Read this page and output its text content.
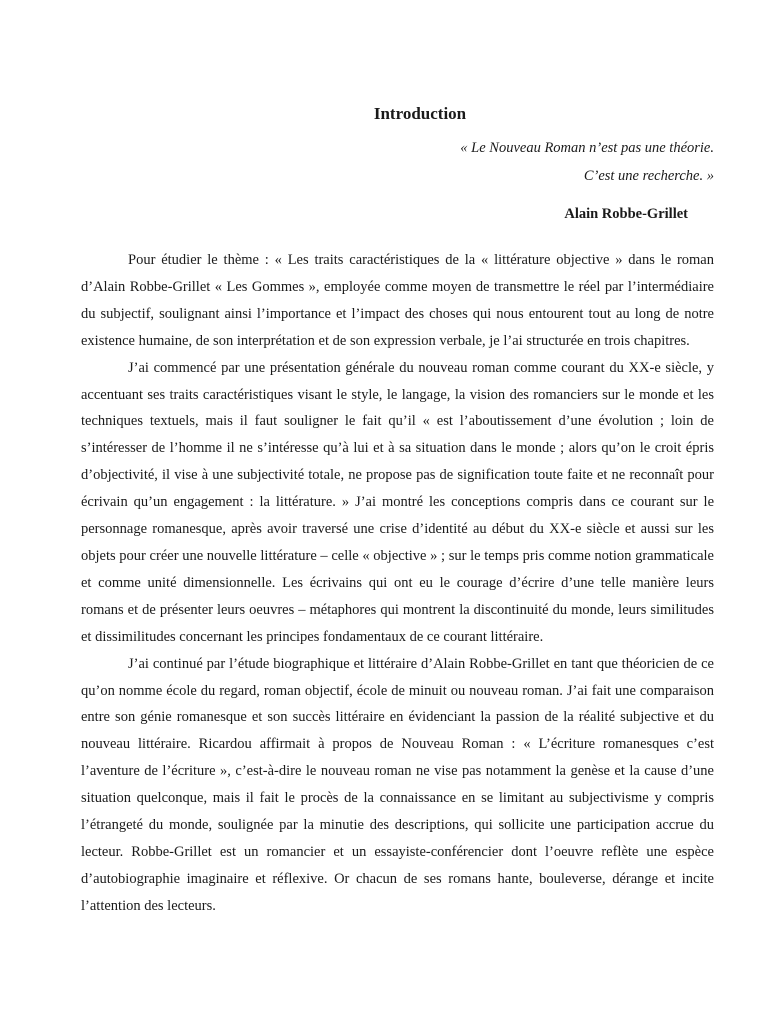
Introduction
« Le Nouveau Roman n’est pas une théorie.
C’est une recherche. »
Alain Robbe-Grillet

Pour étudier le thème : « Les traits caractéristiques de la « littérature objective » dans le roman d’Alain Robbe-Grillet « Les Gommes », employée comme moyen de transmettre le réel par l’intermédiaire du subjectif, soulignant ainsi l’importance et l’impact des choses qui nous entourent tout au long de notre existence humaine, de son interprétation et de son expression verbale, je l’ai structurée en trois chapitres.

J’ai commencé par une présentation générale du nouveau roman comme courant du XX-e siècle, y accentuant ses traits caractéristiques visant le style, le langage, la vision des romanciers sur le monde et les techniques textuels, mais il faut souligner le fait qu’il « est l’aboutissement d’une évolution ; loin de s’intéresser de l’homme il ne s’intéresse qu’à lui et à sa situation dans le monde ; alors qu’on le croit épris d’objectivité, il vise à une subjectivité totale, ne propose pas de signification toute faite et ne reconnaît pour écrivain qu’un engagement : la littérature. » J’ai montré les conceptions compris dans ce courant sur le personnage romanesque, après avoir traversé une crise d’identité au début du XX-e siècle et aussi sur les objets pour créer une nouvelle littérature – celle « objective » ; sur le temps pris comme notion grammaticale et comme unité dimensionnelle. Les écrivains qui ont eu le courage d’écrire d’une telle manière leurs romans et de présenter leurs oeuvres – métaphores qui montrent la discontinuité du monde, leurs similitudes et dissimilitudes concernant les principes fondamentaux de ce courant littéraire.

J’ai continué par l’étude biographique et littéraire d’Alain Robbe-Grillet en tant que théoricien de ce qu’on nomme école du regard, roman objectif, école de minuit ou nouveau roman. J’ai fait une comparaison entre son génie romanesque et son succès littéraire en évidenciant la passion de la réalité subjective et du nouveau littéraire. Ricardou affirmait à propos de Nouveau Roman : « L’écriture romanesques c’est l’aventure de l’écriture », c’est-à-dire le nouveau roman ne vise pas notamment la genèse et la cause d’une situation quelconque, mais il fait le procès de la connaissance en se limitant au subjectivisme y compris l’étrangeté du monde, soulignée par la minutie des descriptions, qui sollicite une participation accrue du lecteur. Robbe-Grillet est un romancier et un essayiste-conférencier dont l’oeuvre reflète une espèce d’autobiographie imaginaire et réflexive. Or chacun de ses romans hante, bouleverse, dérange et incite l’attention des lecteurs.
